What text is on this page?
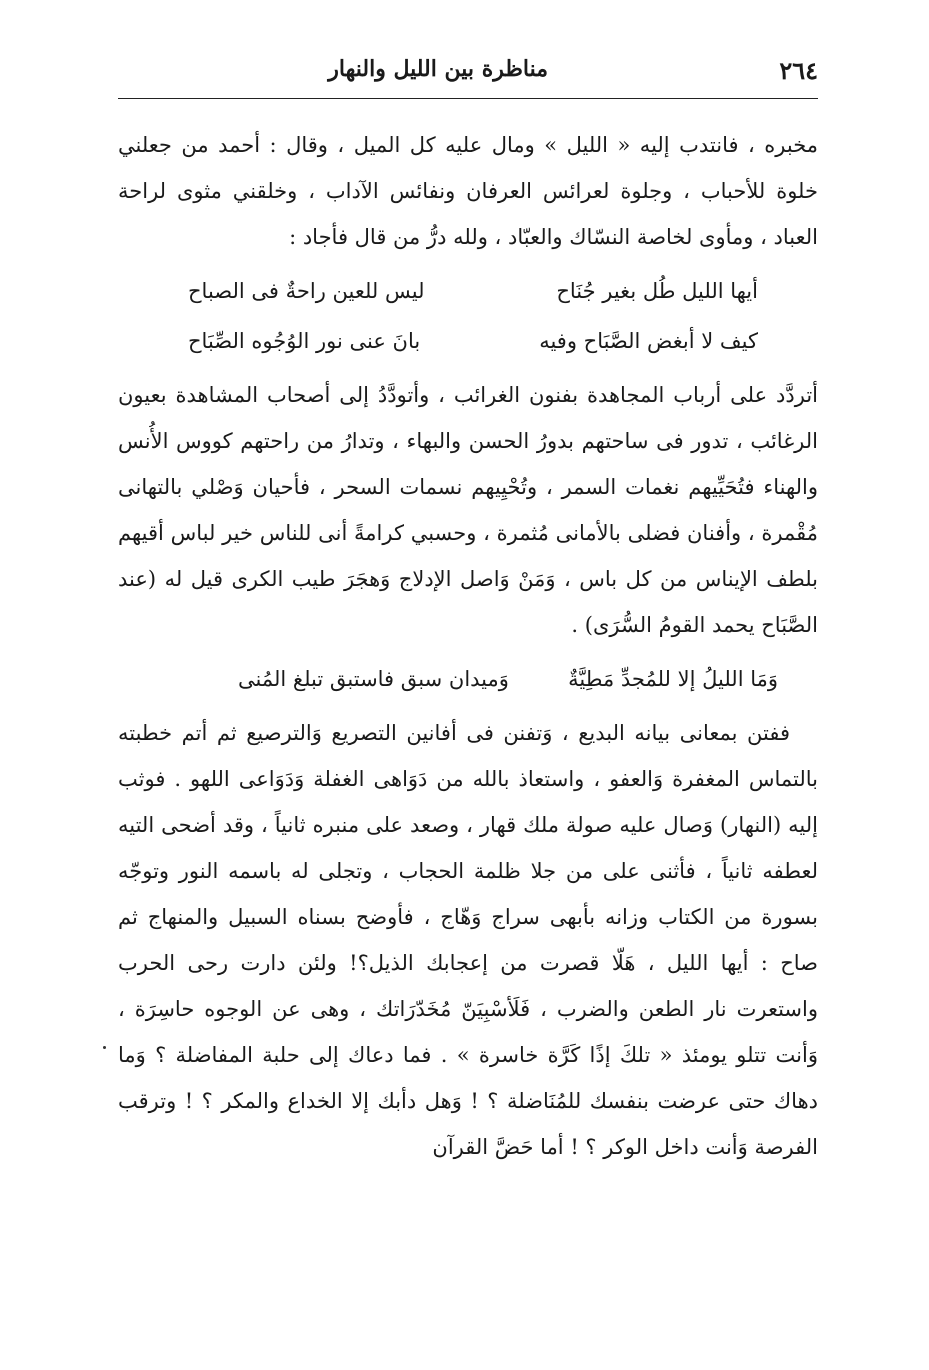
٢٦٤
مناظرة بين الليل والنهار

مخبره ، فانتدب إليه « الليل » ومال عليه كل الميل ، وقال : أحمد من جعلني خلوة للأحباب ، وجلوة لعرائس العرفان ونفائس الآداب ، وخلقني مثوى لراحة العباد ، ومأوى لخاصة النسّاك والعبّاد ، ولله درُّ من قال فأجاد :

أيها الليل طُل بغير جُنَاح
ليس للعين راحةٌ فى الصباح
كيف لا أبغض الصَّبَاح وفيه
بانَ عنى نور الوُجُوه الصِّبَاح

أتردَّد على أرباب المجاهدة بفنون الغرائب ، وأتودَّدُ إلى أصحاب المشاهدة بعيون الرغائب ، تدور فى ساحتهم بدورُ الحسن والبهاء ، وتدارُ من راحتهم كووس الأُنس والهناء فتُحَيِّيهم نغمات السمر ، وتُحْيِيهم نسمات السحر ، فأحيان وَصْلي بالتهانى مُقْمرة ، وأفنان فضلى بالأمانى مُثمرة ، وحسبي كرامةً أنى للناس خير لباس أقيهم بلطف الإيناس من كل باس ، وَمَنْ وَاصل الإدلاج وَهجَرَ طيب الكرى قيل له (عند الصَّبَاح يحمد القومُ السُّرَى) .

وَمَا الليلُ إلا للمُجدِّ مَطِيَّةٌ
وَميدان سبق فاستبق تبلغ المُنى

ففتن بمعانى بيانه البديع ، وَتفنن فى أفانين التصريع وَالترصيع ثم أتم خطبته بالتماس المغفرة وَالعفو ، واستعاذ بالله من دَوَاهى الغفلة وَدَوَاعى اللهو . فوثب إليه (النهار) وَصال عليه صولة ملك قهار ، وصعد على منبره ثانياً ، وقد أضحى التيه لعطفه ثانياً ، فأثنى على من جلا ظلمة الحجاب ، وتجلى له باسمه النور وتوجّه بسورة من الكتاب وزانه بأبهى سراج وَهّاج ، فأوضح بسناه السبيل والمنهاج ثم صاح : أيها الليل ، هَلّا قصرت من إعجابك الذيل؟! ولئن دارت رحى الحرب واستعرت نار الطعن والضرب ، فَلَأسْبِيَنّ مُخَدّرَاتك ، وهى عن الوجوه حاسِرَة ، وَأنت تتلو يومئذ « تلكَ إذًا كَرَّة خاسرة » . فما دعاك إلى حلبة المفاضلة ؟ وَما دهاك حتى عرضت بنفسك للمُنَاضلة ؟ ! وَهل دأبك إلا الخداع والمكر ؟ ! وترقب الفرصة وَأنت داخل الوكر ؟ ! أما حَضَّ القرآن
